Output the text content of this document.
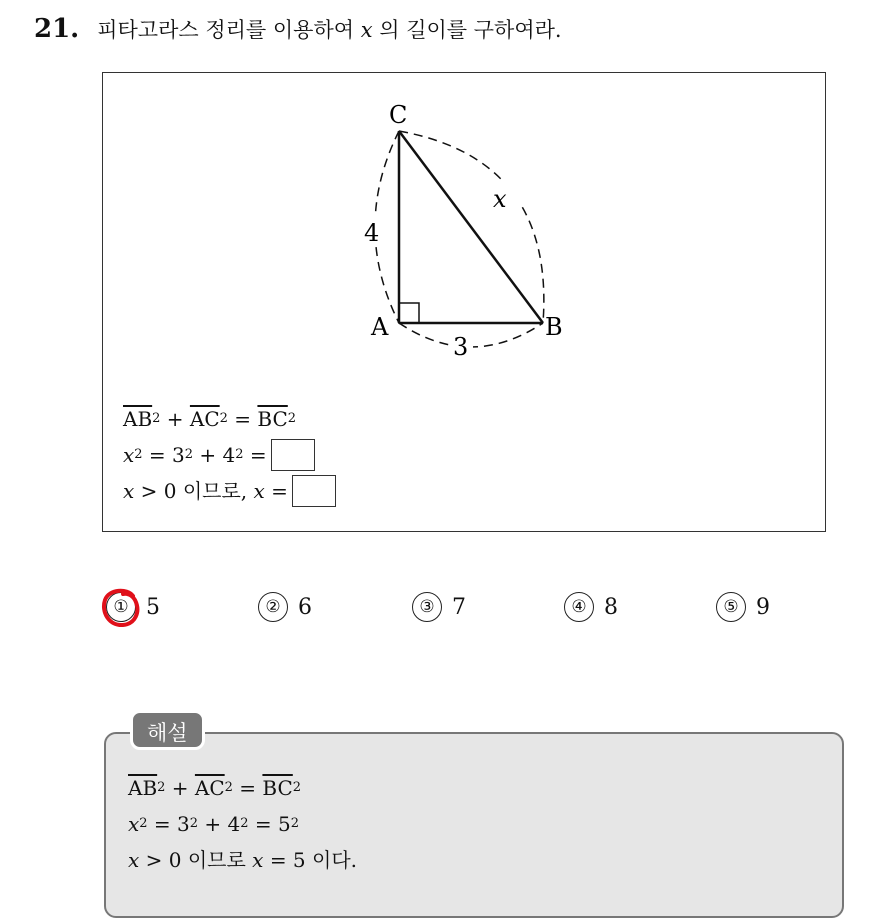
21. 피타고라스 정리를 이용하여 x 의 길이를 구하여라.
C
A	B
4
3
x
$\overline{AB}$ 2
+
$\overline{AC}$ 2
=
$\overline{BC}$ 2
x 2
= 3 2
+ 4 2
=
x
> 0 이므로,
x
=
① 5	② 6	③ 7	④ 8	⑤ 9
해설
$\overline{AB}$ 2
+
$\overline{AC}$ 2
=
$\overline{BC}$ 2
x 2
= 3 2
+ 4 2
= 5 2
x
> 0 이므로
x
= 5 이다.
